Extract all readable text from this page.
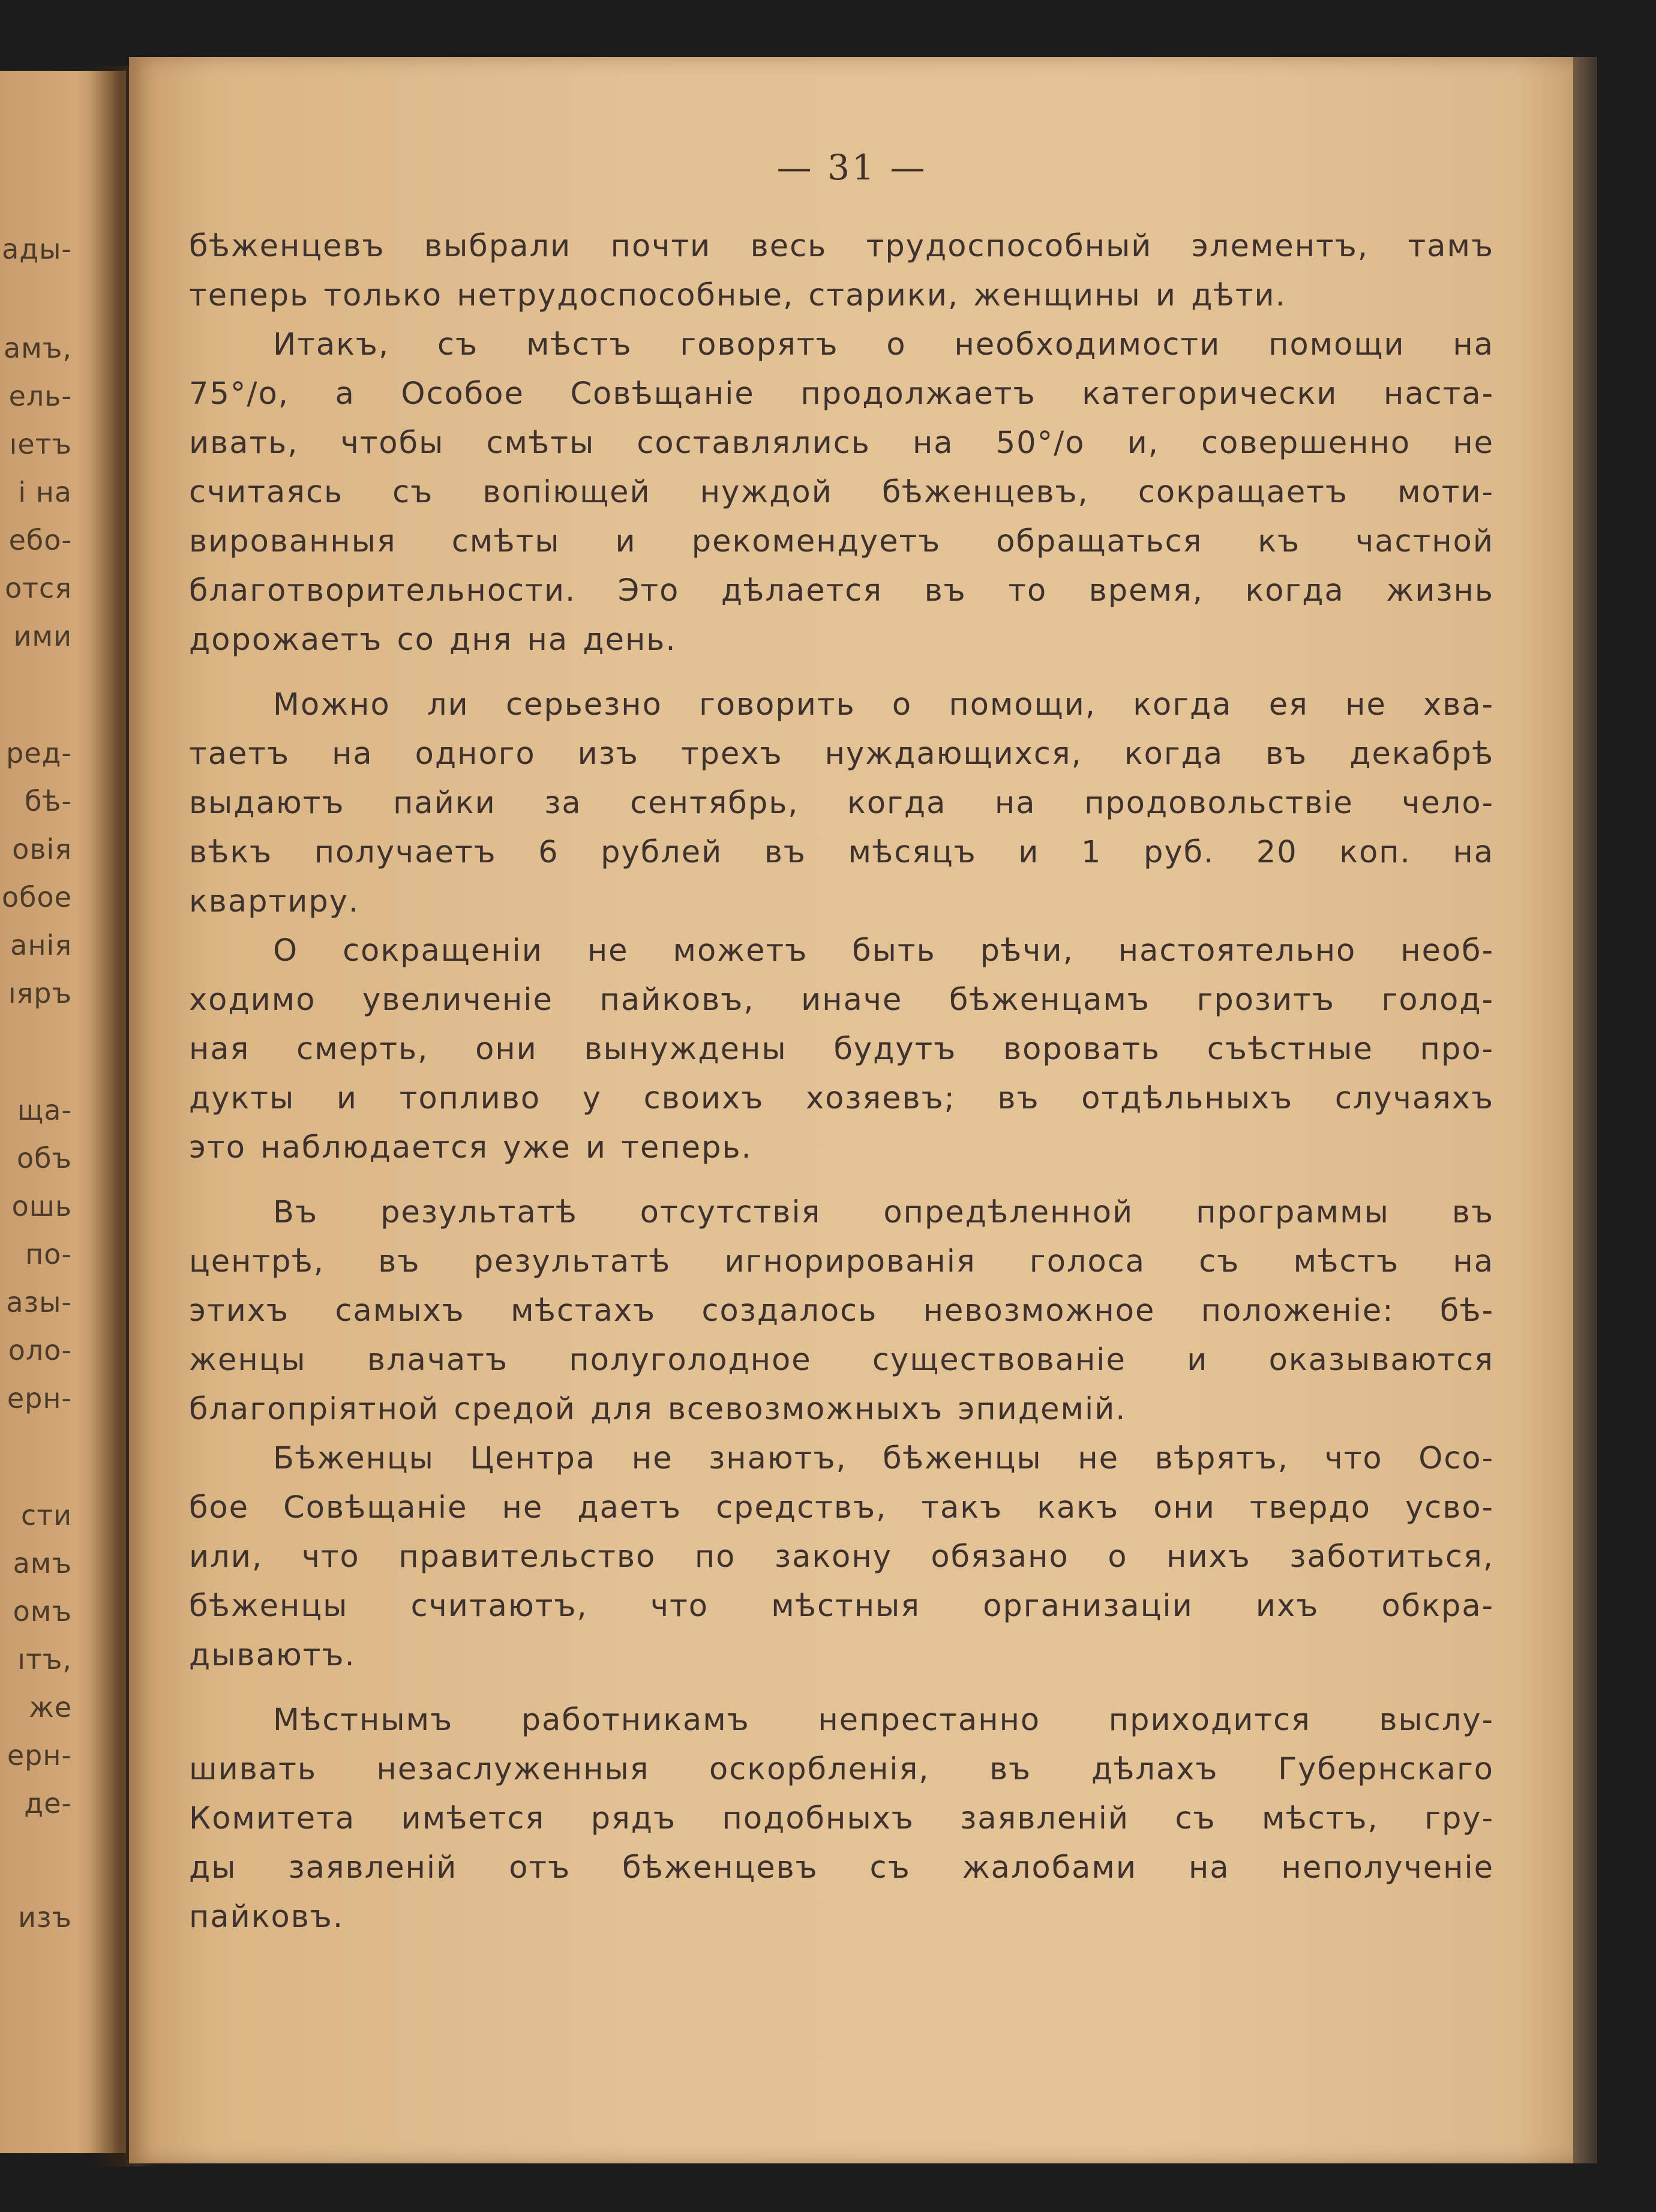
ады-
амъ,
ель-
ıетъ
і на
ебо-
отся
ими
ред-
бѣ-
овія
обое
анія
ıяръ
ща-
объ
ошь
по-
азы-
оло-
ерн-
сти
амъ
омъ
ıтъ,
же
ерн-
де-
изъ
— 31 —
бѣженцевъ выбрали почти весь трудоспособный элементъ, тамъ
теперь только нетрудоспособные, старики, женщины и дѣти.
Итакъ, съ мѣстъ говорятъ о необходимости помощи на
75°/о, а Особое Совѣщаніе продолжаетъ категорически наста-
ивать, чтобы смѣты составлялись на 50°/о и, совершенно не
считаясь съ вопіющей нуждой бѣженцевъ, сокращаетъ моти-
вированныя смѣты и рекомендуетъ обращаться къ частной
благотворительности. Это дѣлается въ то время, когда жизнь
дорожаетъ со дня на день.
Можно ли серьезно говорить о помощи, когда ея не хва-
таетъ на одного изъ трехъ нуждающихся, когда въ декабрѣ
выдаютъ пайки за сентябрь, когда на продовольствіе чело-
вѣкъ получаетъ 6 рублей въ мѣсяцъ и 1 руб. 20 коп. на
квартиру.
О сокращеніи не можетъ быть рѣчи, настоятельно необ-
ходимо увеличеніе пайковъ, иначе бѣженцамъ грозитъ голод-
ная смерть, они вынуждены будутъ воровать съѣстные про-
дукты и топливо у своихъ хозяевъ; въ отдѣльныхъ случаяхъ
это наблюдается уже и теперь.
Въ результатѣ отсутствія опредѣленной программы въ
центрѣ, въ результатѣ игнорированія голоса съ мѣстъ на
этихъ самыхъ мѣстахъ создалось невозможное положеніе: бѣ-
женцы влачатъ полуголодное существованіе и оказываются
благопріятной средой для всевозможныхъ эпидемій.
Бѣженцы Центра не знаютъ, бѣженцы не вѣрятъ, что Осо-
бое Совѣщаніе не даетъ средствъ, такъ какъ они твердо усво-
или, что правительство по закону обязано о нихъ заботиться,
бѣженцы считаютъ, что мѣстныя организаціи ихъ обкра-
дываютъ.
Мѣстнымъ работникамъ непрестанно приходится выслу-
шивать незаслуженныя оскорбленія, въ дѣлахъ Губернскаго
Комитета имѣется рядъ подобныхъ заявленій съ мѣстъ, гру-
ды заявленій отъ бѣженцевъ съ жалобами на неполученіе
пайковъ.
